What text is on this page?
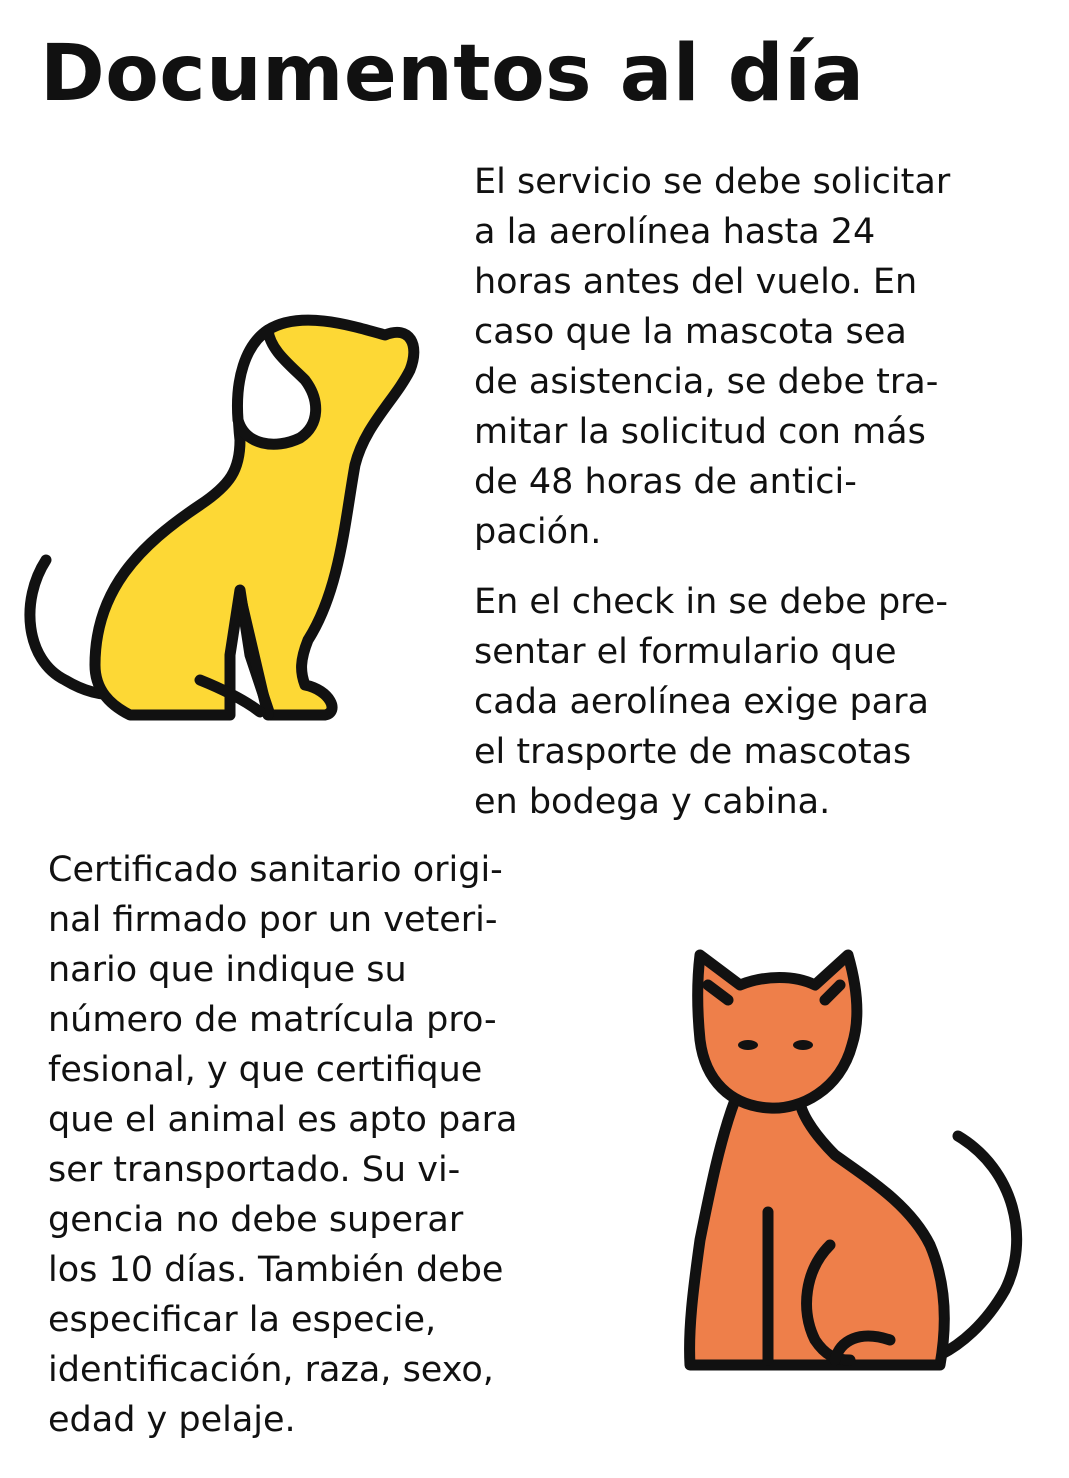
Documentos al día
El servicio se debe solicitar
a la aerolínea hasta 24
horas antes del vuelo. En
caso que la mascota sea
de asistencia, se debe tra-
mitar la solicitud con más
de 48 horas de antici-
pación.
En el check in se debe pre-
sentar el formulario que
cada aerolínea exige para
el trasporte de mascotas
en bodega y cabina.
Certificado sanitario origi-
nal firmado por un veteri-
nario que indique su
número de matrícula pro-
fesional, y que certifique
que el animal es apto para
ser transportado. Su vi-
gencia no debe superar
los 10 días. También debe
especificar la especie,
identificación, raza, sexo,
edad y pelaje.
